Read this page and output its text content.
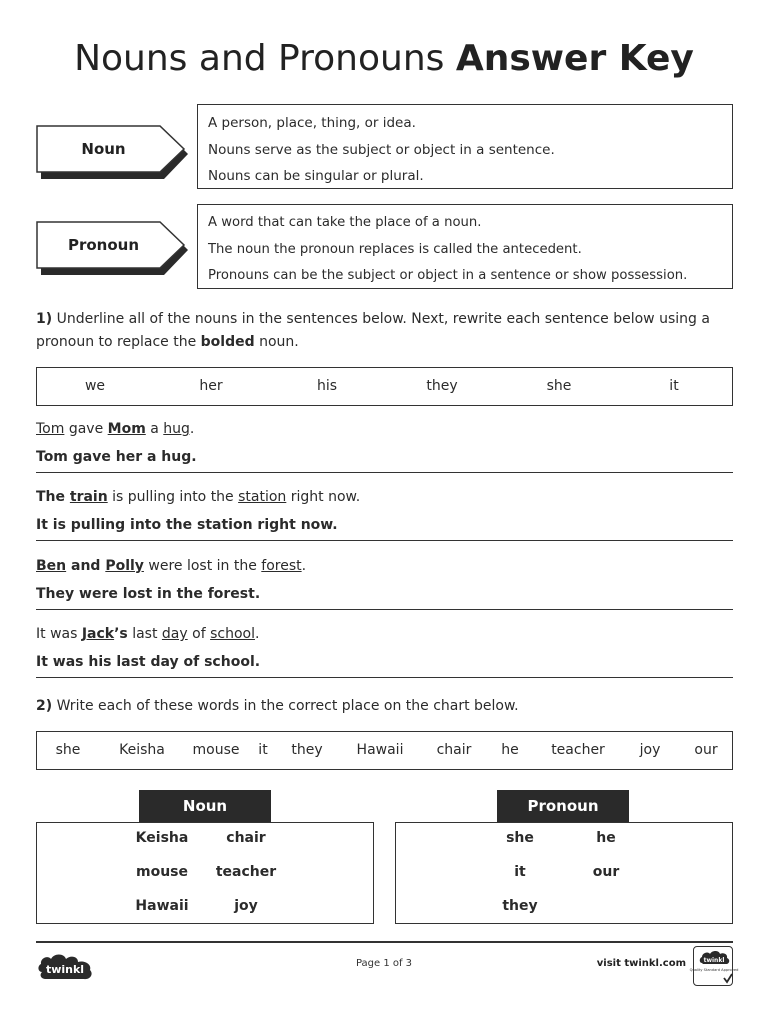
Nouns and Pronouns Answer Key
Noun
A person, place, thing, or idea.
Nouns serve as the subject or object in a sentence.
Nouns can be singular or plural.
Pronoun
A word that can take the place of a noun.
The noun the pronoun replaces is called the antecedent.
Pronouns can be the subject or object in a sentence or show possession.
1) Underline all of the nouns in the sentences below. Next, rewrite each sentence below using a pronoun to replace the bolded noun.
we	her	his	they	she	it
Tom gave Mom a hug.
Tom gave her a hug.
The train is pulling into the station right now.
It is pulling into the station right now.
Ben and Polly were lost in the forest.
They were lost in the forest.
It was Jack’s last day of school.
It was his last day of school.
2) Write each of these words in the correct place on the chart below.
she	Keisha mouse it they Hawaii chair he teacher joy our
Noun
Keisha	chair
mouse teacher
Hawaii	joy
Pronoun
she	he
it	our
they
twinkl	Page 1 of 3	visit twinkl.com	twinkl
Quality Standard Approved
